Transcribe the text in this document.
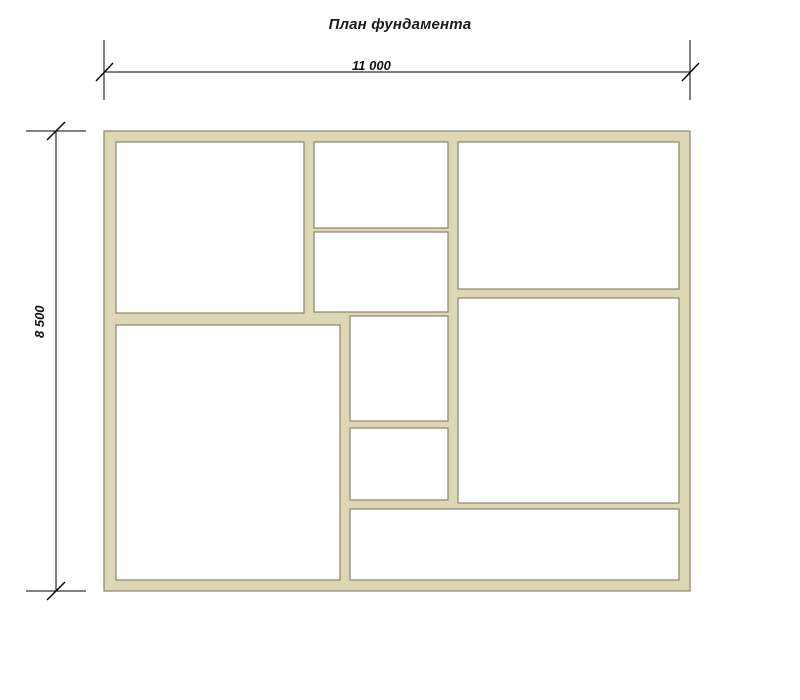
План фундамента
11 000
8 500
